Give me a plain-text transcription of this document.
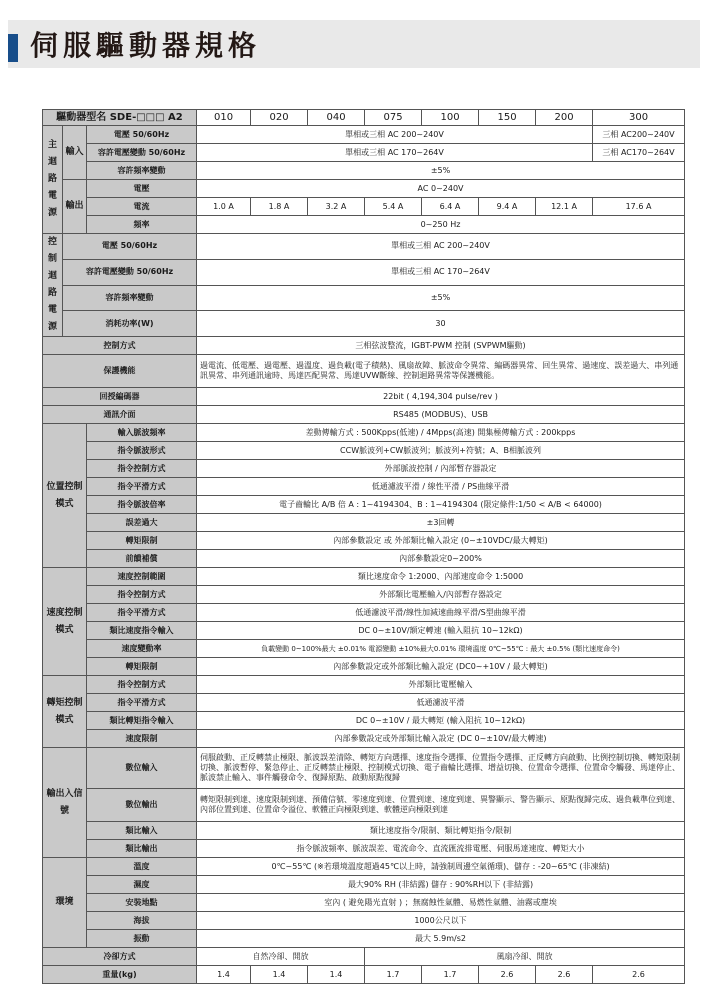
伺服驅動器規格
驅動器型名 SDE-□□□ A2			010	020	040	075	100	150	200	300
主迴路電源	輸入	電壓 50/60Hz	單相或三相 AC 200~240V							三相 AC200~240V
		容許電壓變動 50/60Hz	單相或三相 AC 170~264V							三相 AC170~264V
		容許頻率變動	±5%							
	輸出	電壓	AC 0~240V							
		電流	1.0 A	1.8 A	3.2 A	5.4 A	6.4 A	9.4 A	12.1 A	17.6 A
		頻率	0~250 Hz							
控制迴路電源	電壓 50/60Hz		單相或三相 AC 200~240V							
	容許電壓變動 50/60Hz		單相或三相 AC 170~264V							
	容許頻率變動		±5%							
	消耗功率(W)		30							
控制方式			三相弦波整流，IGBT-PWM 控制 (SVPWM驅動)							
保護機能			過電流、低電壓、過電壓、過溫度、過負載(電子積熱)、風扇故障、脈波命令異常、編碼器異常、回生異常、過速度、誤差過大、串列通訊異常、串列通訊逾時、馬達匹配異常、馬達UVW斷線、控制迴路異常等保護機能。							
回授編碼器			22bit ( 4,194,304 pulse/rev )							
通訊介面			RS485 (MODBUS)、USB							
位置控制模式		輸入脈波頻率	差動傳輸方式 : 500Kpps(低速) / 4Mpps(高速) 開集極傳輸方式 : 200kpps							
		指令脈波形式	CCW脈波列+CW脈波列；脈波列+符號；A、B相脈波列							
		指令控制方式	外部脈波控制 / 內部暫存器設定							
		指令平滑方式	低通濾波平滑 / 線性平滑 / PS曲線平滑							
		指令脈波倍率	電子齒輪比 A/B 倍 A : 1~4194304、B : 1~4194304 (限定條件:1/50 < A/B < 64000)							
		誤差過大	±3回轉							
		轉矩限制	內部參數設定 或 外部類比輸入設定 (0~±10VDC/最大轉矩)							
		前饋補償	內部參數設定0~200%							
速度控制模式		速度控制範圍	類比速度命令 1:2000、內部速度命令 1:5000							
		指令控制方式	外部類比電壓輸入/內部暫存器設定							
		指令平滑方式	低通濾波平滑/線性加減速曲線平滑/S型曲線平滑							
		類比速度指令輸入	DC 0~±10V/額定轉速 (輸入阻抗 10~12kΩ)							
		速度變動率	負載變動 0~100%最大 ±0.01% 電源變動 ±10%最大0.01% 環境溫度 0℃~55℃ : 最大 ±0.5% (類比速度命令)							
		轉矩限制	內部參數設定或外部類比輸入設定 (DC0~+10V / 最大轉矩)							
轉矩控制模式		指令控制方式	外部類比電壓輸入							
		指令平滑方式	低通濾波平滑							
		類比轉矩指令輸入	DC 0~±10V / 最大轉矩 (輸入阻抗 10~12kΩ)							
		速度限制	內部參數設定或外部類比輸入設定 (DC 0~±10V/最大轉速)							
輸出入信號		數位輸入	伺服啟動、正反轉禁止極限、脈波誤差清除、轉矩方向選擇、速度指令選擇、位置指令選擇、正反轉方向啟動、比例控制切換、轉矩限制切換、脈波暫停、緊急停止、正反轉禁止極限、控制模式切換、電子齒輪比選擇、增益切換、位置命令選擇、位置命令觸發、馬達停止、脈波禁止輸入、事件觸發命令、復歸原點、啟動原點復歸							
		數位輸出	轉矩限制到達、速度限制到達、預備信號、零速度到達、位置到達、速度到達、異警顯示、警告顯示、原點復歸完成、過負載準位到達、內部位置到達、位置命令溢位、軟體正向極限到達、軟體逆向極限到達							
		類比輸入	類比速度指令/限制、類比轉矩指令/限制							
		類比輸出	指令脈波頻率、脈波誤差、電流命令、直流匯流排電壓、伺服馬達速度、轉矩大小							
環境		溫度	0℃~55℃ (※若環境溫度超過45℃以上時，請強制周邊空氣循環)、儲存 : -20~65℃ (非凍結)							
		濕度	最大90% RH (非結露) 儲存 : 90%RH以下 (非結露)							
		安裝地點	室內 ( 避免陽光直射 ) ；無腐蝕性氣體、易燃性氣體、油霧或塵埃							
		海拔	1000公尺以下							
		振動	最大 5.9m/s2							
冷卻方式			自然冷卻、開放			風扇冷卻、開放				
重量(kg)			1.4	1.4	1.4	1.7	1.7	2.6	2.6	2.6
